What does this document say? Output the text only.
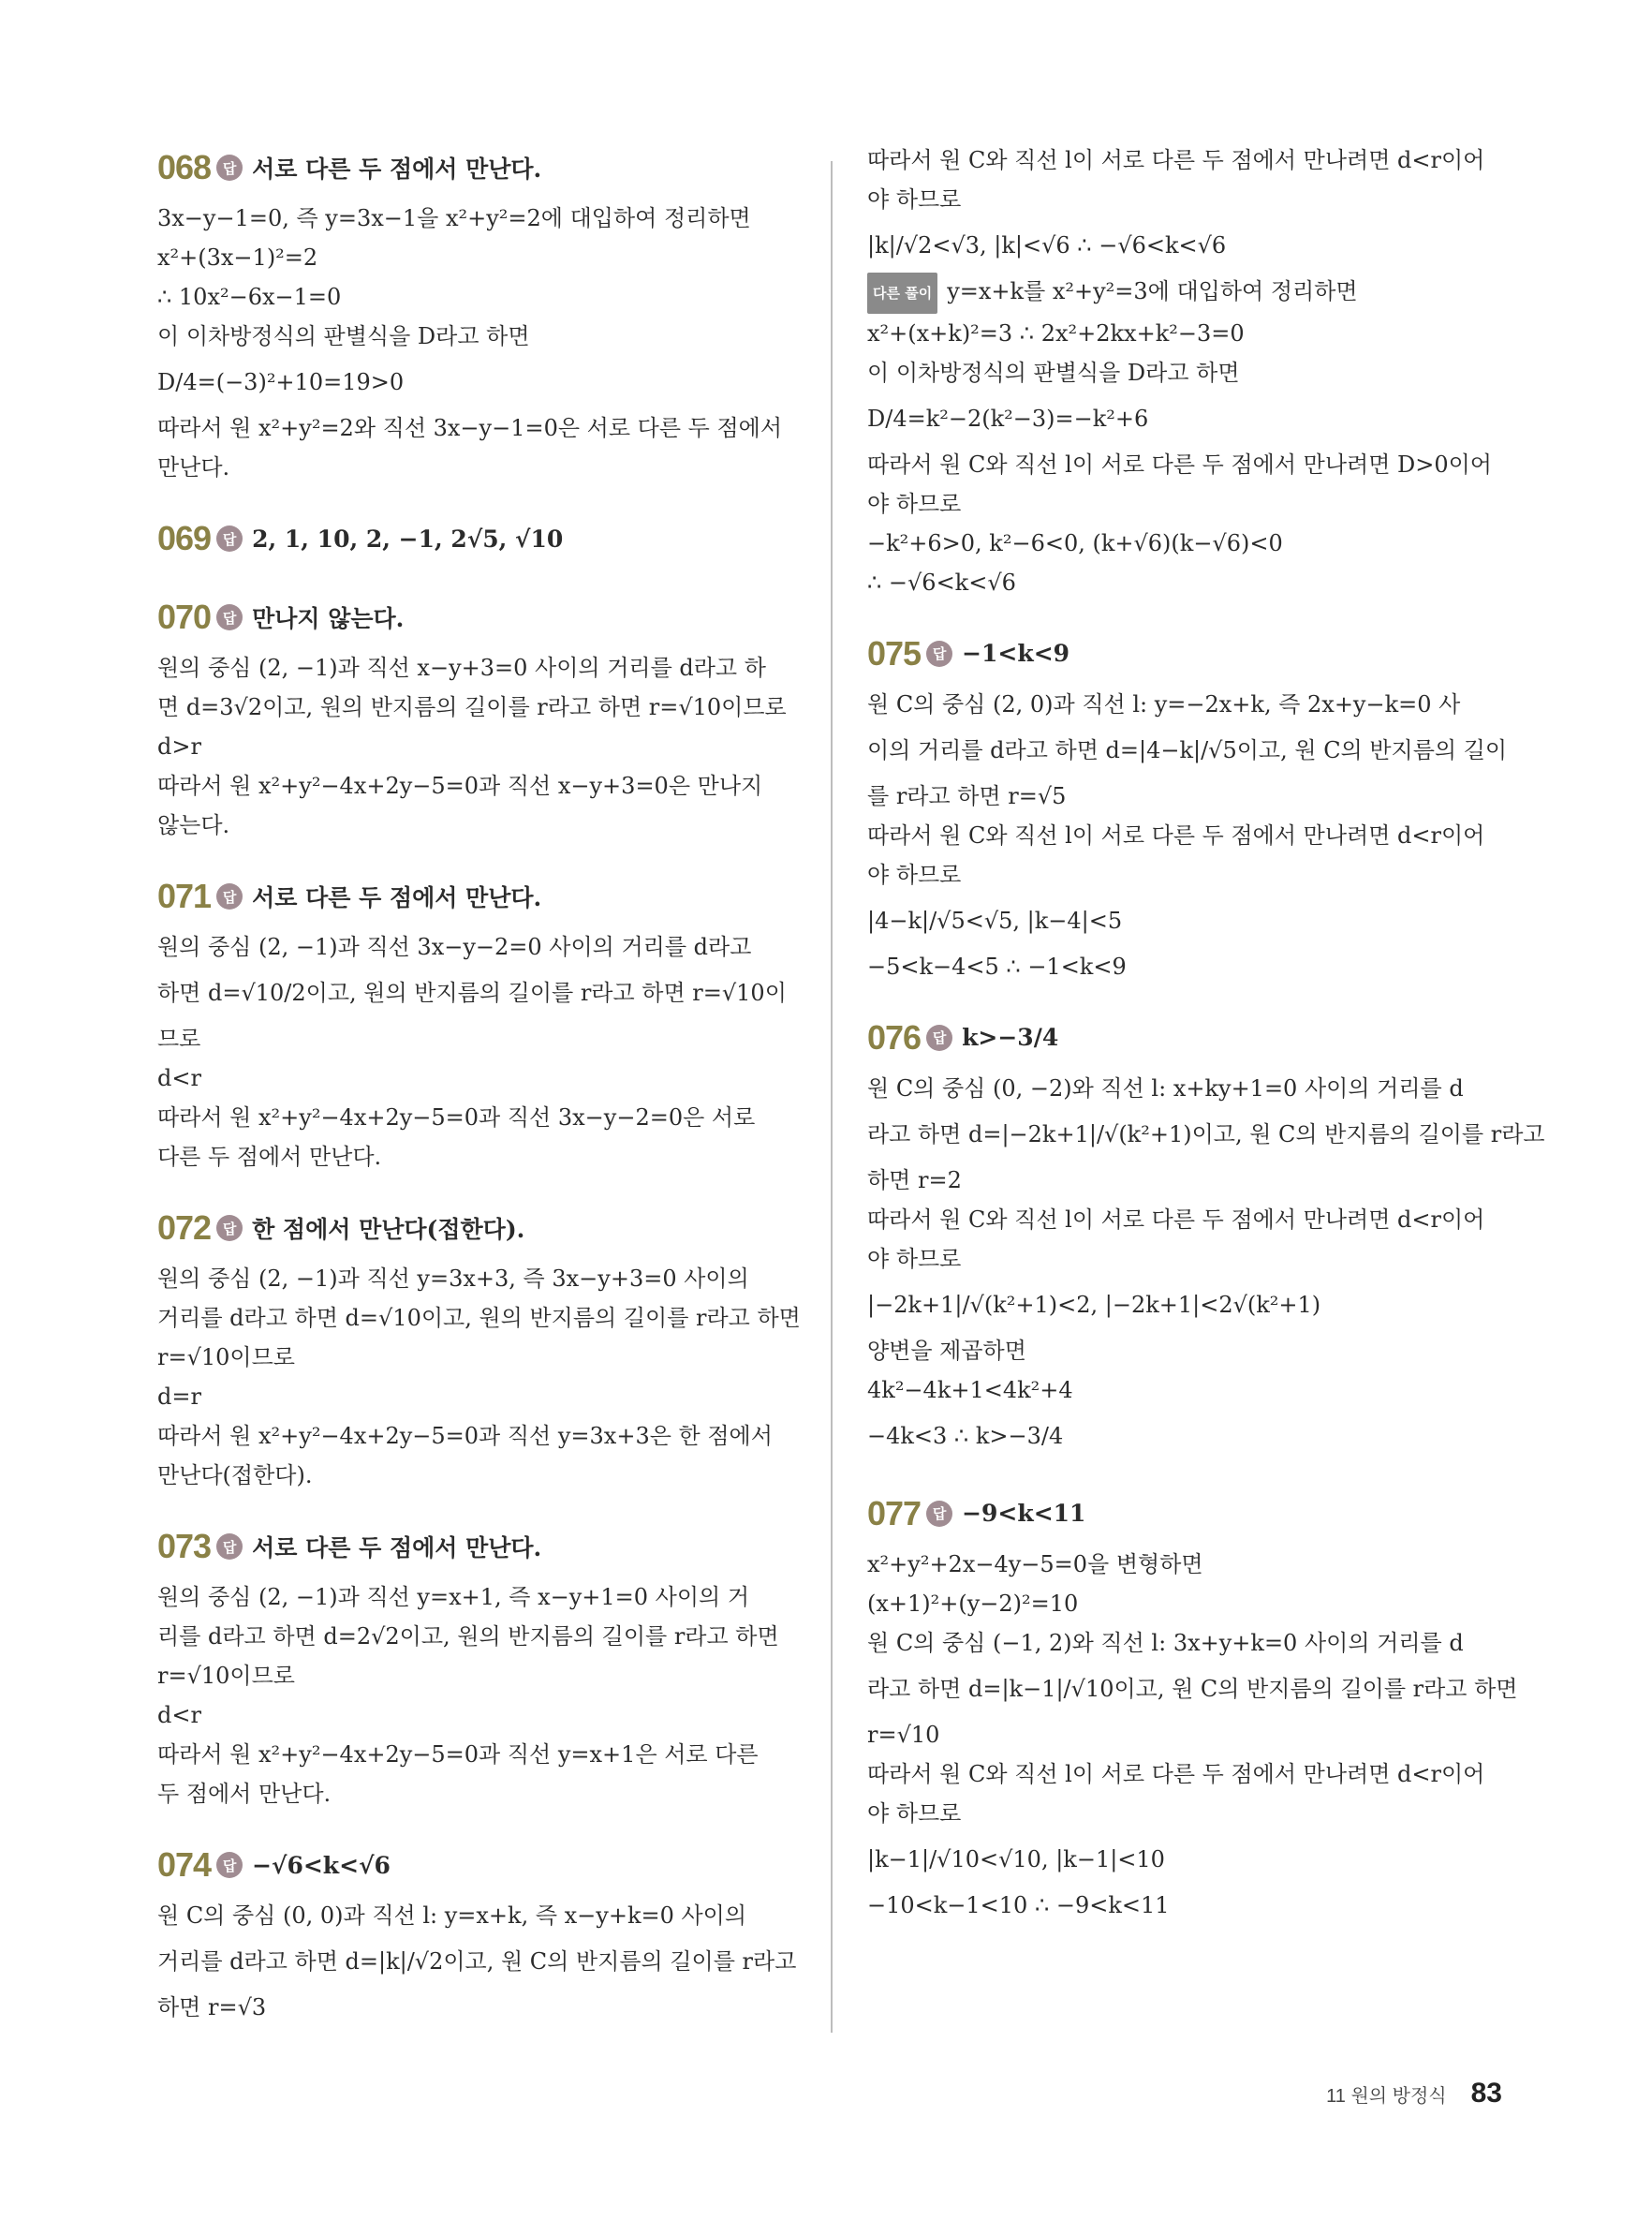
068 답 서로 다른 두 점에서 만난다.
3x−y−1=0, 즉 y=3x−1을 x²+y²=2에 대입하여 정리하면
x²+(3x−1)²=2
∴ 10x²−6x−1=0
이 이차방정식의 판별식을 D라고 하면
D/4=(−3)²+10=19>0
따라서 원 x²+y²=2와 직선 3x−y−1=0은 서로 다른 두 점에서
만난다.
069 답 2, 1, 10, 2, −1, 2√5, √10
070 답 만나지 않는다.
원의 중심 (2, −1)과 직선 x−y+3=0 사이의 거리를 d라고 하
면 d=3√2이고, 원의 반지름의 길이를 r라고 하면 r=√10이므로
d>r
따라서 원 x²+y²−4x+2y−5=0과 직선 x−y+3=0은 만나지
않는다.
071 답 서로 다른 두 점에서 만난다.
원의 중심 (2, −1)과 직선 3x−y−2=0 사이의 거리를 d라고
하면 d=√10/2이고, 원의 반지름의 길이를 r라고 하면 r=√10이
므로
d<r
따라서 원 x²+y²−4x+2y−5=0과 직선 3x−y−2=0은 서로
다른 두 점에서 만난다.
072 답 한 점에서 만난다(접한다).
원의 중심 (2, −1)과 직선 y=3x+3, 즉 3x−y+3=0 사이의
거리를 d라고 하면 d=√10이고, 원의 반지름의 길이를 r라고 하면
r=√10이므로
d=r
따라서 원 x²+y²−4x+2y−5=0과 직선 y=3x+3은 한 점에서
만난다(접한다).
073 답 서로 다른 두 점에서 만난다.
원의 중심 (2, −1)과 직선 y=x+1, 즉 x−y+1=0 사이의 거
리를 d라고 하면 d=2√2이고, 원의 반지름의 길이를 r라고 하면
r=√10이므로
d<r
따라서 원 x²+y²−4x+2y−5=0과 직선 y=x+1은 서로 다른
두 점에서 만난다.
074 답 −√6<k<√6
원 C의 중심 (0, 0)과 직선 l: y=x+k, 즉 x−y+k=0 사이의
거리를 d라고 하면 d=|k|/√2이고, 원 C의 반지름의 길이를 r라고
하면 r=√3
따라서 원 C와 직선 l이 서로 다른 두 점에서 만나려면 d<r이어
야 하므로
|k|/√2<√3, |k|<√6 ∴ −√6<k<√6
다른 풀이 y=x+k를 x²+y²=3에 대입하여 정리하면
x²+(x+k)²=3 ∴ 2x²+2kx+k²−3=0
이 이차방정식의 판별식을 D라고 하면
D/4=k²−2(k²−3)=−k²+6
따라서 원 C와 직선 l이 서로 다른 두 점에서 만나려면 D>0이어
야 하므로
−k²+6>0, k²−6<0, (k+√6)(k−√6)<0
∴ −√6<k<√6
075 답 −1<k<9
원 C의 중심 (2, 0)과 직선 l: y=−2x+k, 즉 2x+y−k=0 사
이의 거리를 d라고 하면 d=|4−k|/√5이고, 원 C의 반지름의 길이
를 r라고 하면 r=√5
따라서 원 C와 직선 l이 서로 다른 두 점에서 만나려면 d<r이어
야 하므로
|4−k|/√5<√5, |k−4|<5
−5<k−4<5 ∴ −1<k<9
076 답 k>−3/4
원 C의 중심 (0, −2)와 직선 l: x+ky+1=0 사이의 거리를 d
라고 하면 d=|−2k+1|/√(k²+1)이고, 원 C의 반지름의 길이를 r라고
하면 r=2
따라서 원 C와 직선 l이 서로 다른 두 점에서 만나려면 d<r이어
야 하므로
|−2k+1|/√(k²+1)<2, |−2k+1|<2√(k²+1)
양변을 제곱하면
4k²−4k+1<4k²+4
−4k<3 ∴ k>−3/4
077 답 −9<k<11
x²+y²+2x−4y−5=0을 변형하면
(x+1)²+(y−2)²=10
원 C의 중심 (−1, 2)와 직선 l: 3x+y+k=0 사이의 거리를 d
라고 하면 d=|k−1|/√10이고, 원 C의 반지름의 길이를 r라고 하면
r=√10
따라서 원 C와 직선 l이 서로 다른 두 점에서 만나려면 d<r이어
야 하므로
|k−1|/√10<√10, |k−1|<10
−10<k−1<10 ∴ −9<k<11
11 원의 방정식 83
